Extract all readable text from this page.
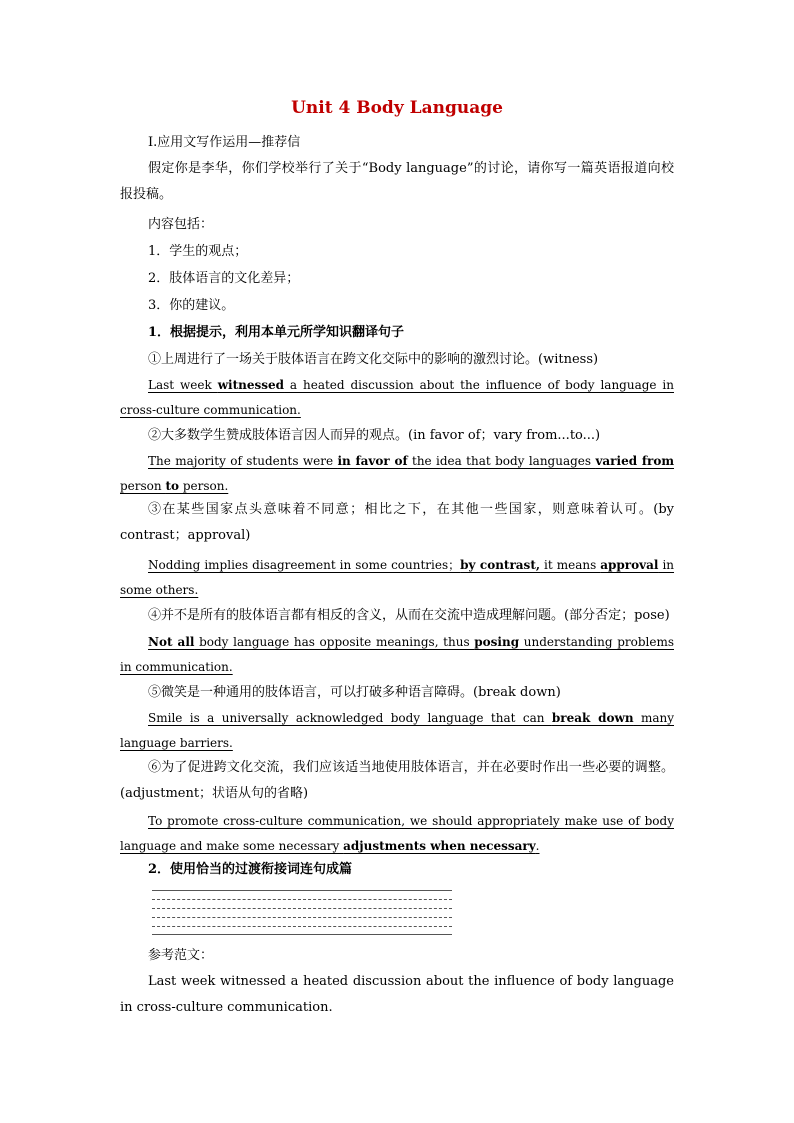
Unit 4 Body Language
Ⅰ.应用文写作运用—推荐信
假定你是李华，你们学校举行了关于“Body language”的讨论，请你写一篇英语报道向校报投稿。
内容包括：
1．学生的观点；
2．肢体语言的文化差异；
3．你的建议。
1．根据提示，利用本单元所学知识翻译句子
①上周进行了一场关于肢体语言在跨文化交际中的影响的激烈讨论。(witness)
Last week witnessed a heated discussion about the influence of body language in cross-culture communication.
②大多数学生赞成肢体语言因人而异的观点。(in favor of；vary from...to...)
The majority of students were in favor of the idea that body languages varied from person to person.
③在某些国家点头意味着不同意；相比之下，在其他一些国家，则意味着认可。(by contrast；approval)
Nodding implies disagreement in some countries；by contrast, it means approval in some others.
④并不是所有的肢体语言都有相反的含义，从而在交流中造成理解问题。(部分否定；pose)
Not all body language has opposite meanings, thus posing understanding problems in communication.
⑤微笑是一种通用的肢体语言，可以打破多种语言障碍。(break down)
Smile is a universally acknowledged body language that can break down many language barriers.
⑥为了促进跨文化交流，我们应该适当地使用肢体语言，并在必要时作出一些必要的调整。(adjustment；状语从句的省略)
To promote cross-culture communication, we should appropriately make use of body language and make some necessary adjustments when necessary.
2．使用恰当的过渡衔接词连句成篇
参考范文：
Last week witnessed a heated discussion about the influence of body language in cross-culture communication.
